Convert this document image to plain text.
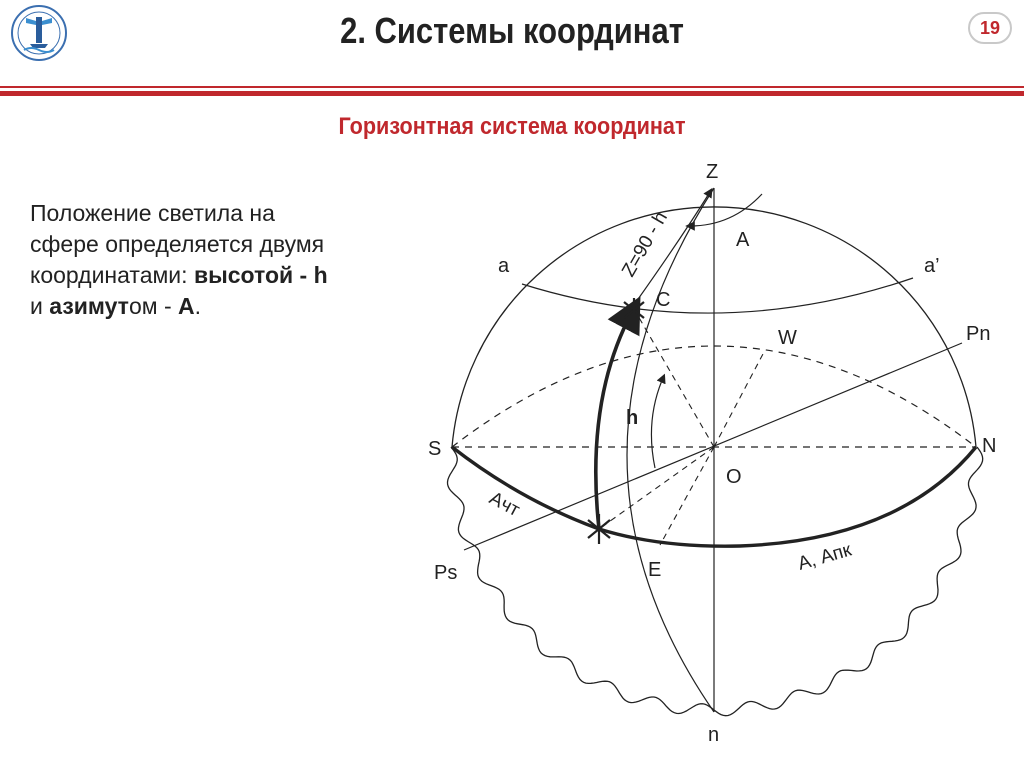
2. Системы координат	19
Горизонтная система координат
Положение светила на
сфере определяется двумя
координатами: высотой - h
и азимутом - А.
Z
n
S	N
W
E
O
Pn
Ps
С
a	a’
А
h
Z=90 - h
Ачт
А, Апк
